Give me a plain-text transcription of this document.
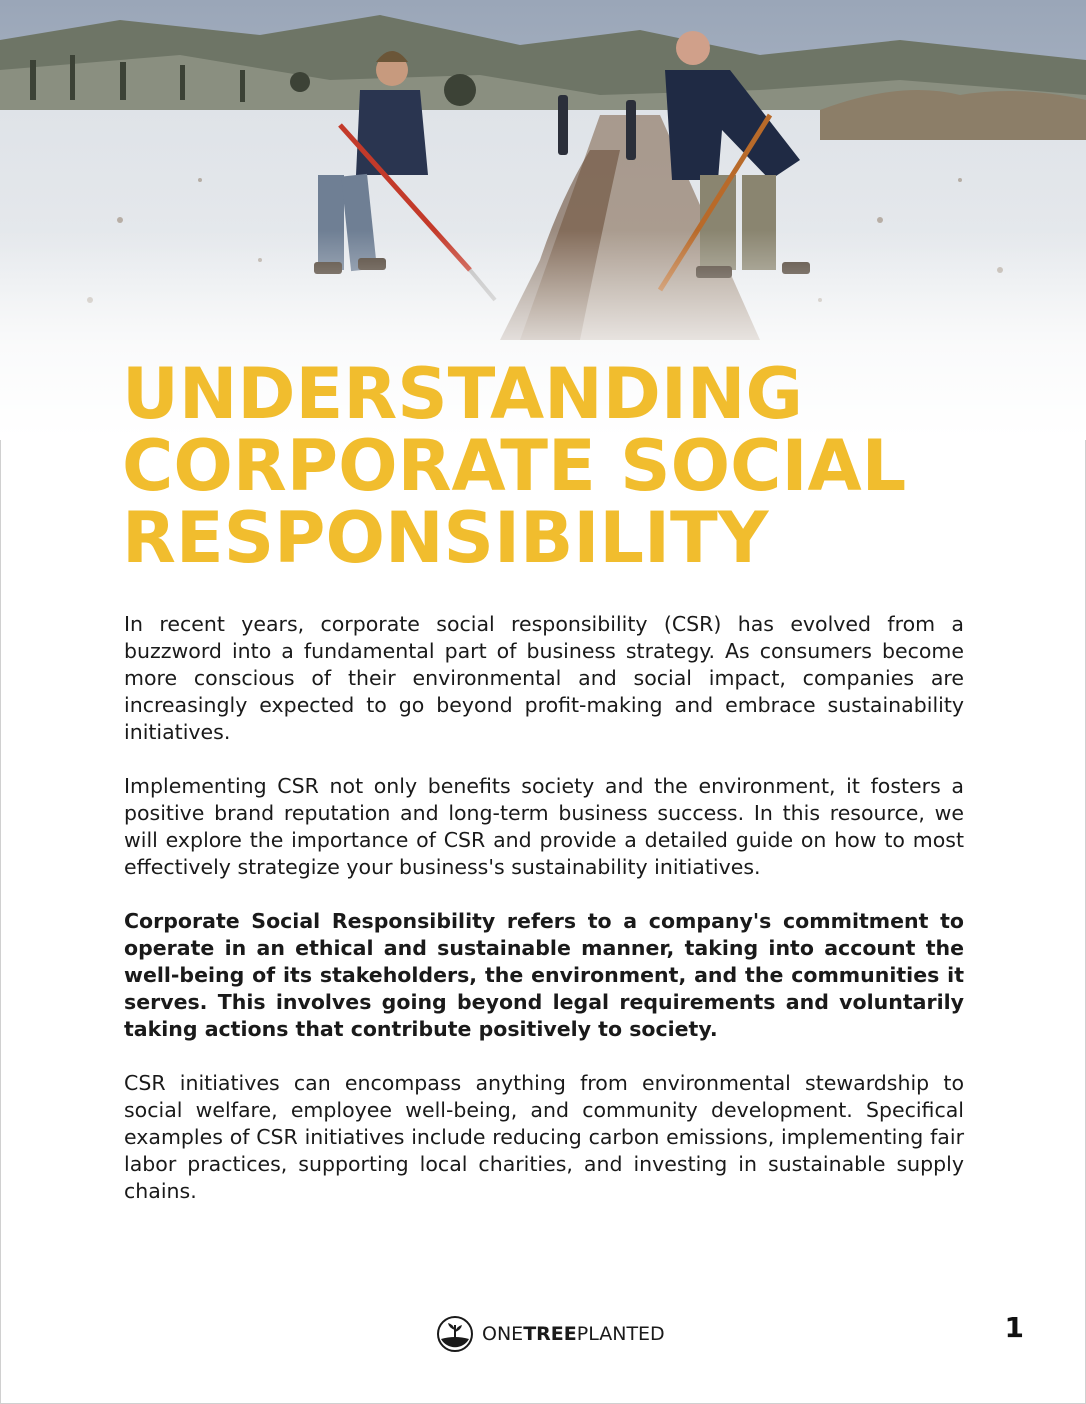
UNDERSTANDING
CORPORATE SOCIAL
RESPONSIBILITY

In recent years, corporate social responsibility (CSR) has evolved from a buzzword into a fundamental part of business strategy. As consumers become more conscious of their environmental and social impact, companies are increasingly expected to go beyond profit-making and embrace sustainability initiatives.

Implementing CSR not only benefits society and the environment, it fosters a positive brand reputation and long-term business success. In this resource, we will explore the importance of CSR and provide a detailed guide on how to most effectively strategize your business's sustainability initiatives.

Corporate Social Responsibility refers to a company's commitment to operate in an ethical and sustainable manner, taking into account the well-being of its stakeholders, the environment, and the communities it serves. This involves going beyond legal requirements and voluntarily taking actions that contribute positively to society.

CSR initiatives can encompass anything from environmental stewardship to social welfare, employee well-being, and community development. Specifical examples of CSR initiatives include reducing carbon emissions, implementing fair labor practices, supporting local charities, and investing in sustainable supply chains.

ONETREEPLANTED	1
